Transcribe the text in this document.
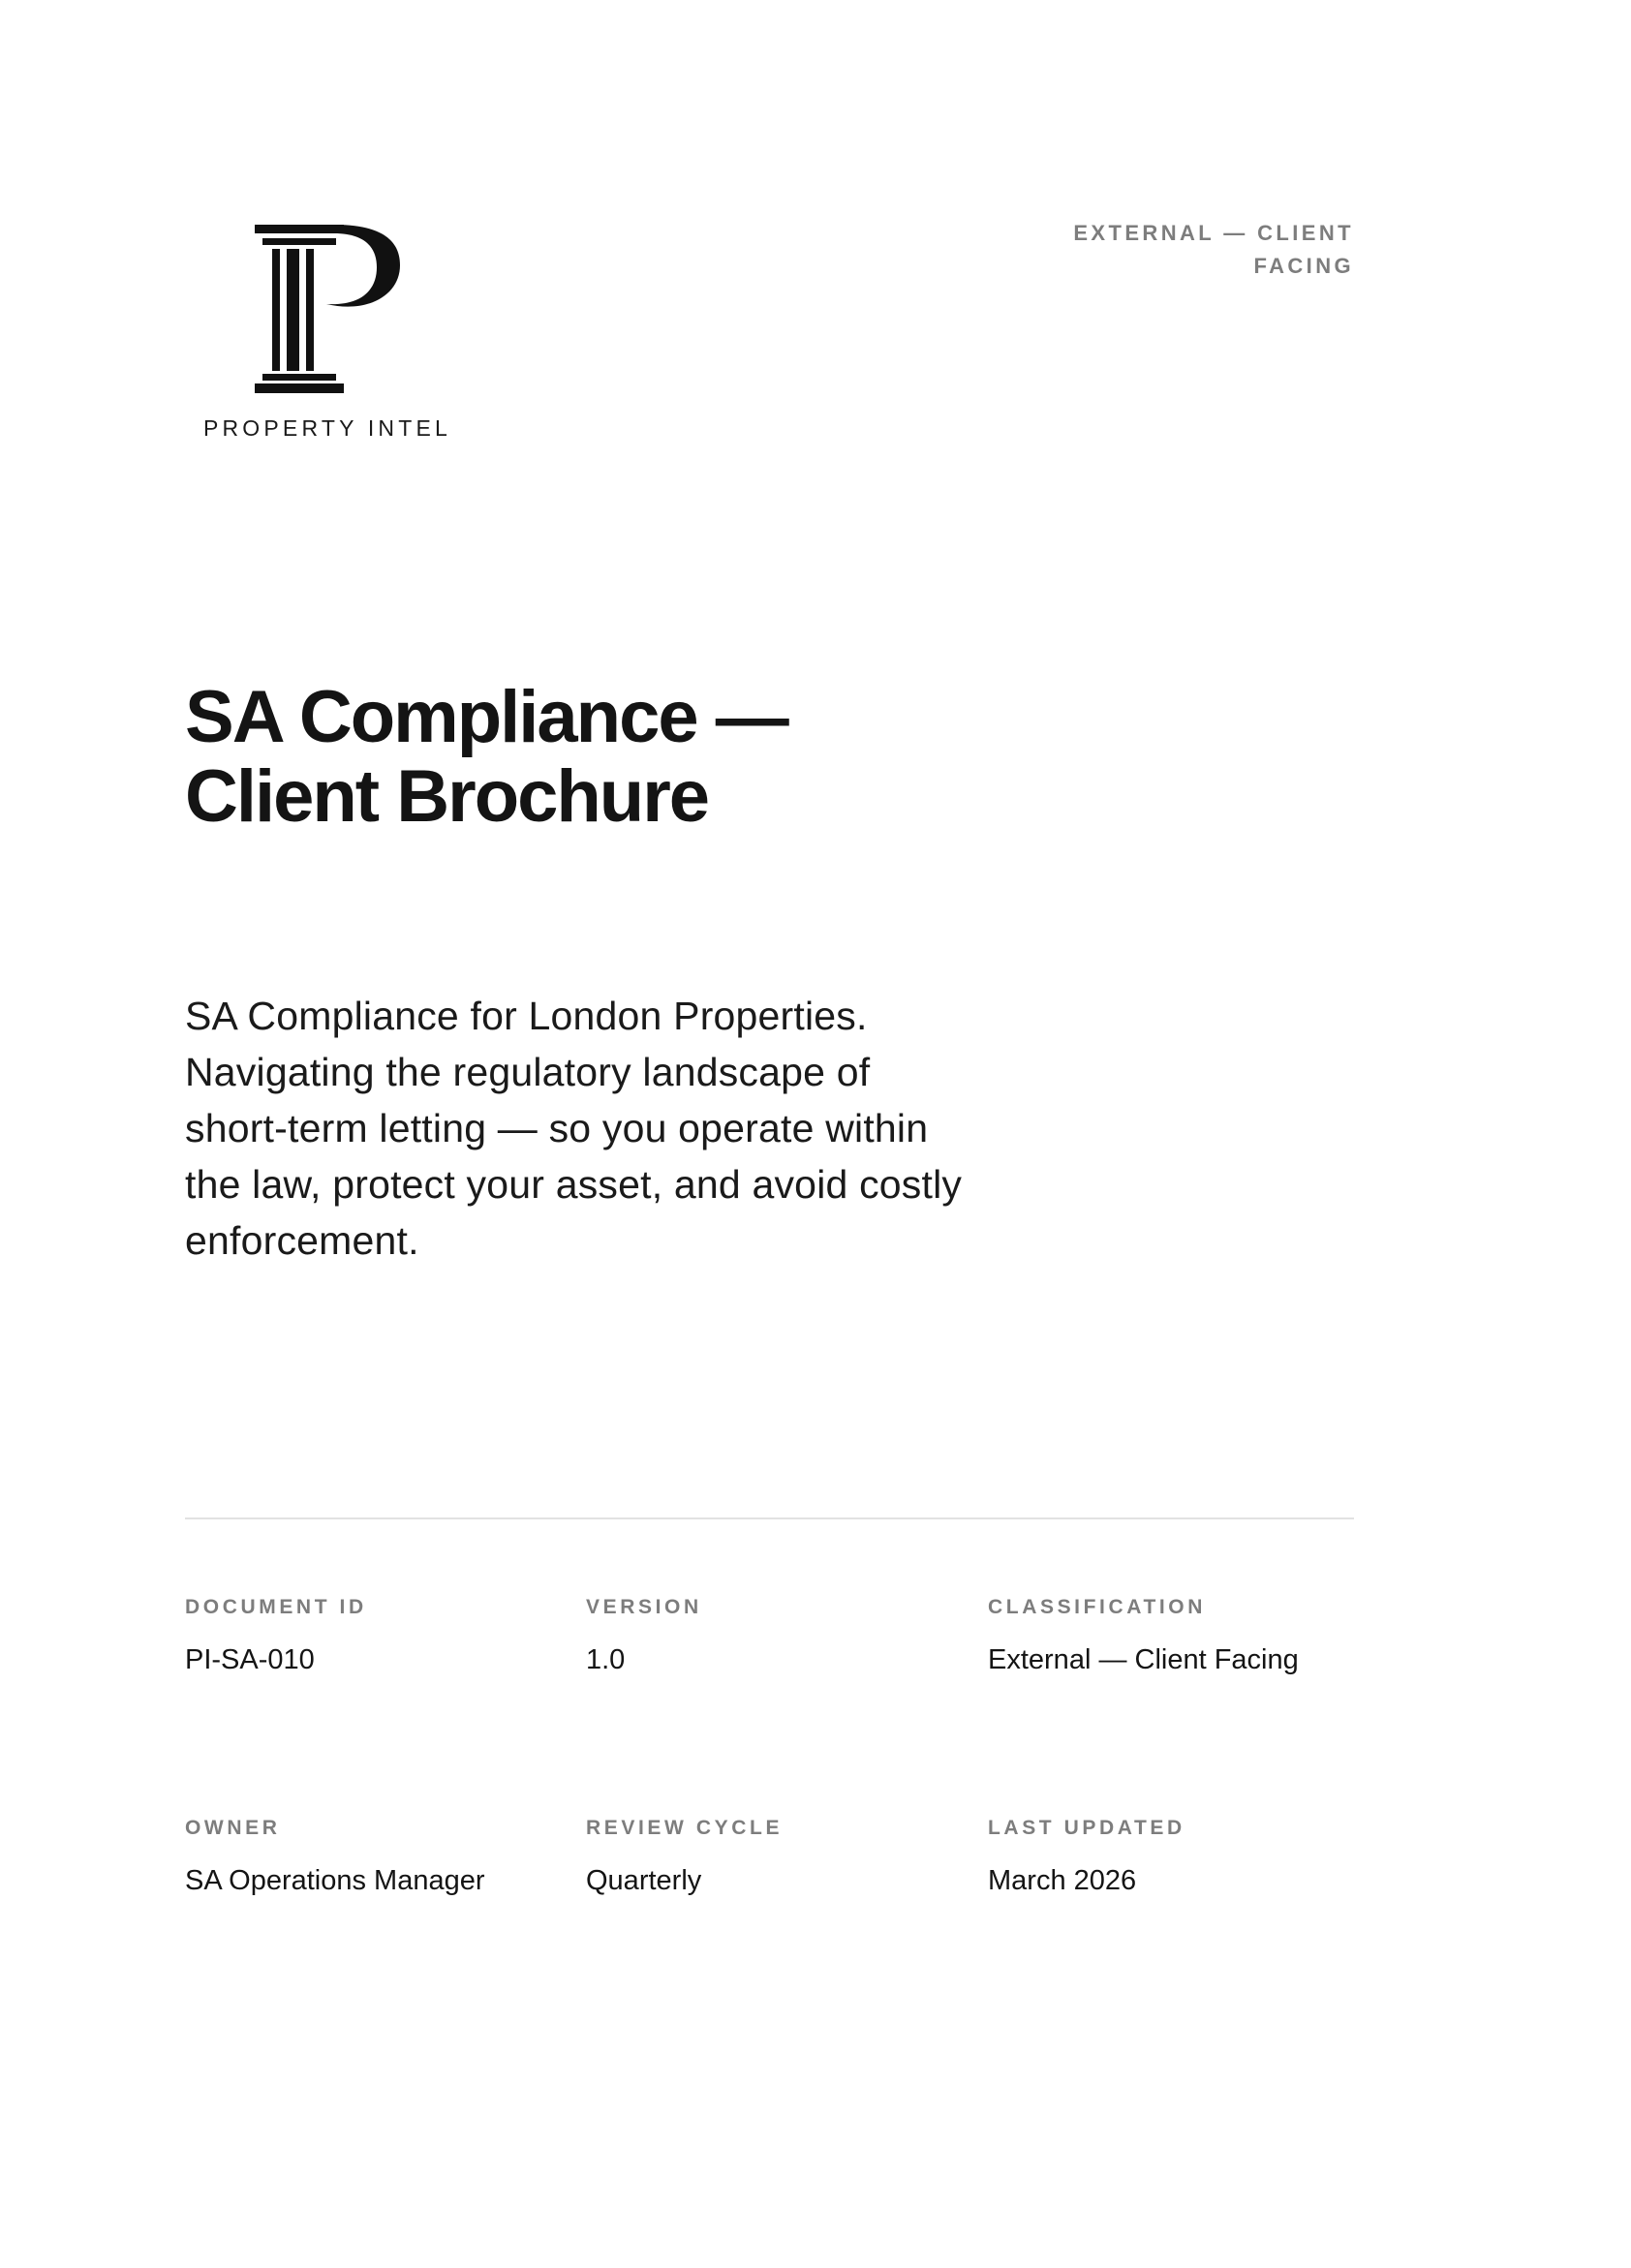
PROPERTY INTEL
EXTERNAL — CLIENT FACING
SA Compliance —
Client Brochure

SA Compliance for London Properties. Navigating the regulatory landscape of short-term letting — so you operate within the law, protect your asset, and avoid costly enforcement.

DOCUMENT ID
PI-SA-010
VERSION
1.0
CLASSIFICATION
External — Client Facing
OWNER
SA Operations Manager
REVIEW CYCLE
Quarterly
LAST UPDATED
March 2026
